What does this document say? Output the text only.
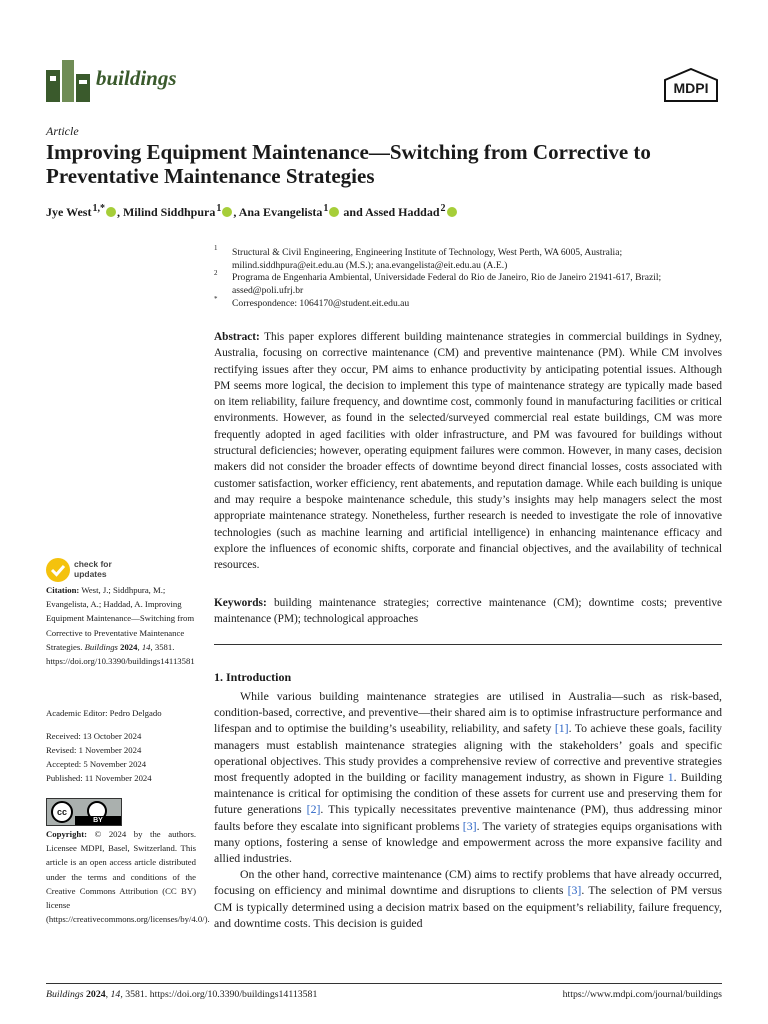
buildings	MDPI
Article
Improving Equipment Maintenance—Switching from Corrective to Preventative Maintenance Strategies
Jye West $^{1,*}$ , Milind Siddhpura $^1$ , Ana Evangelista $^1$ and Assed Haddad $^2$
1	Structural & Civil Engineering, Engineering Institute of Technology, West Perth, WA 6005, Australia; milind.siddhpura@eit.edu.au (M.S.); ana.evangelista@eit.edu.au (A.E.)
2	Programa de Engenharia Ambiental, Universidade Federal do Rio de Janeiro, Rio de Janeiro 21941-617, Brazil; assed@poli.ufrj.br
*	Correspondence: 1064170@student.eit.edu.au
Abstract: This paper explores different building maintenance strategies in commercial buildings in Sydney, Australia, focusing on corrective maintenance (CM) and preventive maintenance (PM). While CM involves rectifying issues after they occur, PM aims to enhance productivity by anticipating potential issues. Although PM seems more logical, the decision to implement this type of maintenance strategy are typically made based on item reliability, failure frequency, and downtime cost, commonly found in manufacturing facilities or critical environments. However, as found in the selected/surveyed commercial real estate buildings, CM was more frequently adopted in aged facilities with older infrastructure, and PM was favoured for buildings without structural deficiencies; however, operating equipment failures were common. However, in many cases, decision makers did not consider the broader effects of downtime beyond direct financial losses, costs associated with customer satisfaction, worker efficiency, rent abatements, and reputation damage. While each building is unique and may require a bespoke maintenance schedule, this study’s insights may help managers select the most appropriate maintenance strategy. Nonetheless, further research is needed to investigate the role of innovative technologies (such as machine learning and artificial intelligence) in enhancing maintenance efficacy and explore the influences of economic shifts, corporate and financial objectives, and the availability of technical resources.
Keywords: building maintenance strategies; corrective maintenance (CM); downtime costs; preventive maintenance (PM); technological approaches
check for
updates
Citation: West, J.; Siddhpura, M.; Evangelista, A.; Haddad, A. Improving Equipment Maintenance—Switching from Corrective to Preventative Maintenance Strategies. Buildings 2024, 14, 3581. https://doi.org/10.3390/buildings14113581
Academic Editor: Pedro Delgado
Received: 13 October 2024
Revised: 1 November 2024
Accepted: 5 November 2024
Published: 11 November 2024
cc
BY
Copyright: © 2024 by the authors. Licensee MDPI, Basel, Switzerland. This article is an open access article distributed under the terms and conditions of the Creative Commons Attribution (CC BY) license (https://creativecommons.org/licenses/by/4.0/).
1. Introduction

While various building maintenance strategies are utilised in Australia—such as risk-based, condition-based, corrective, and preventive—their shared aim is to optimise infrastructure performance and lifespan and to optimise the building’s useability, reliability, and safety [1]. To achieve these goals, facility managers must establish maintenance strategies aligning with the stakeholders’ goals and specific operational objectives. This study provides a comprehensive review of corrective and preventive strategies most frequently adopted in the building or facility management industry, as shown in Figure 1. Building maintenance is critical for optimising the condition of these assets for current use and preserving them for future generations [2]. This typically necessitates preventive maintenance (PM), thus addressing minor faults before they escalate into significant problems [3]. The variety of strategies equips organisations with many options, fostering a sense of knowledge and empowerment across the more expansive facility and allied industries.

On the other hand, corrective maintenance (CM) aims to rectify problems that have already occurred, focusing on efficiency and minimal downtime and disruptions to clients [3]. The selection of PM versus CM is typically determined using a decision matrix based on the equipment’s reliability, failure frequency, and downtime costs. This decision is guided

Buildings 2024, 14, 3581. https://doi.org/10.3390/buildings14113581	https://www.mdpi.com/journal/buildings
